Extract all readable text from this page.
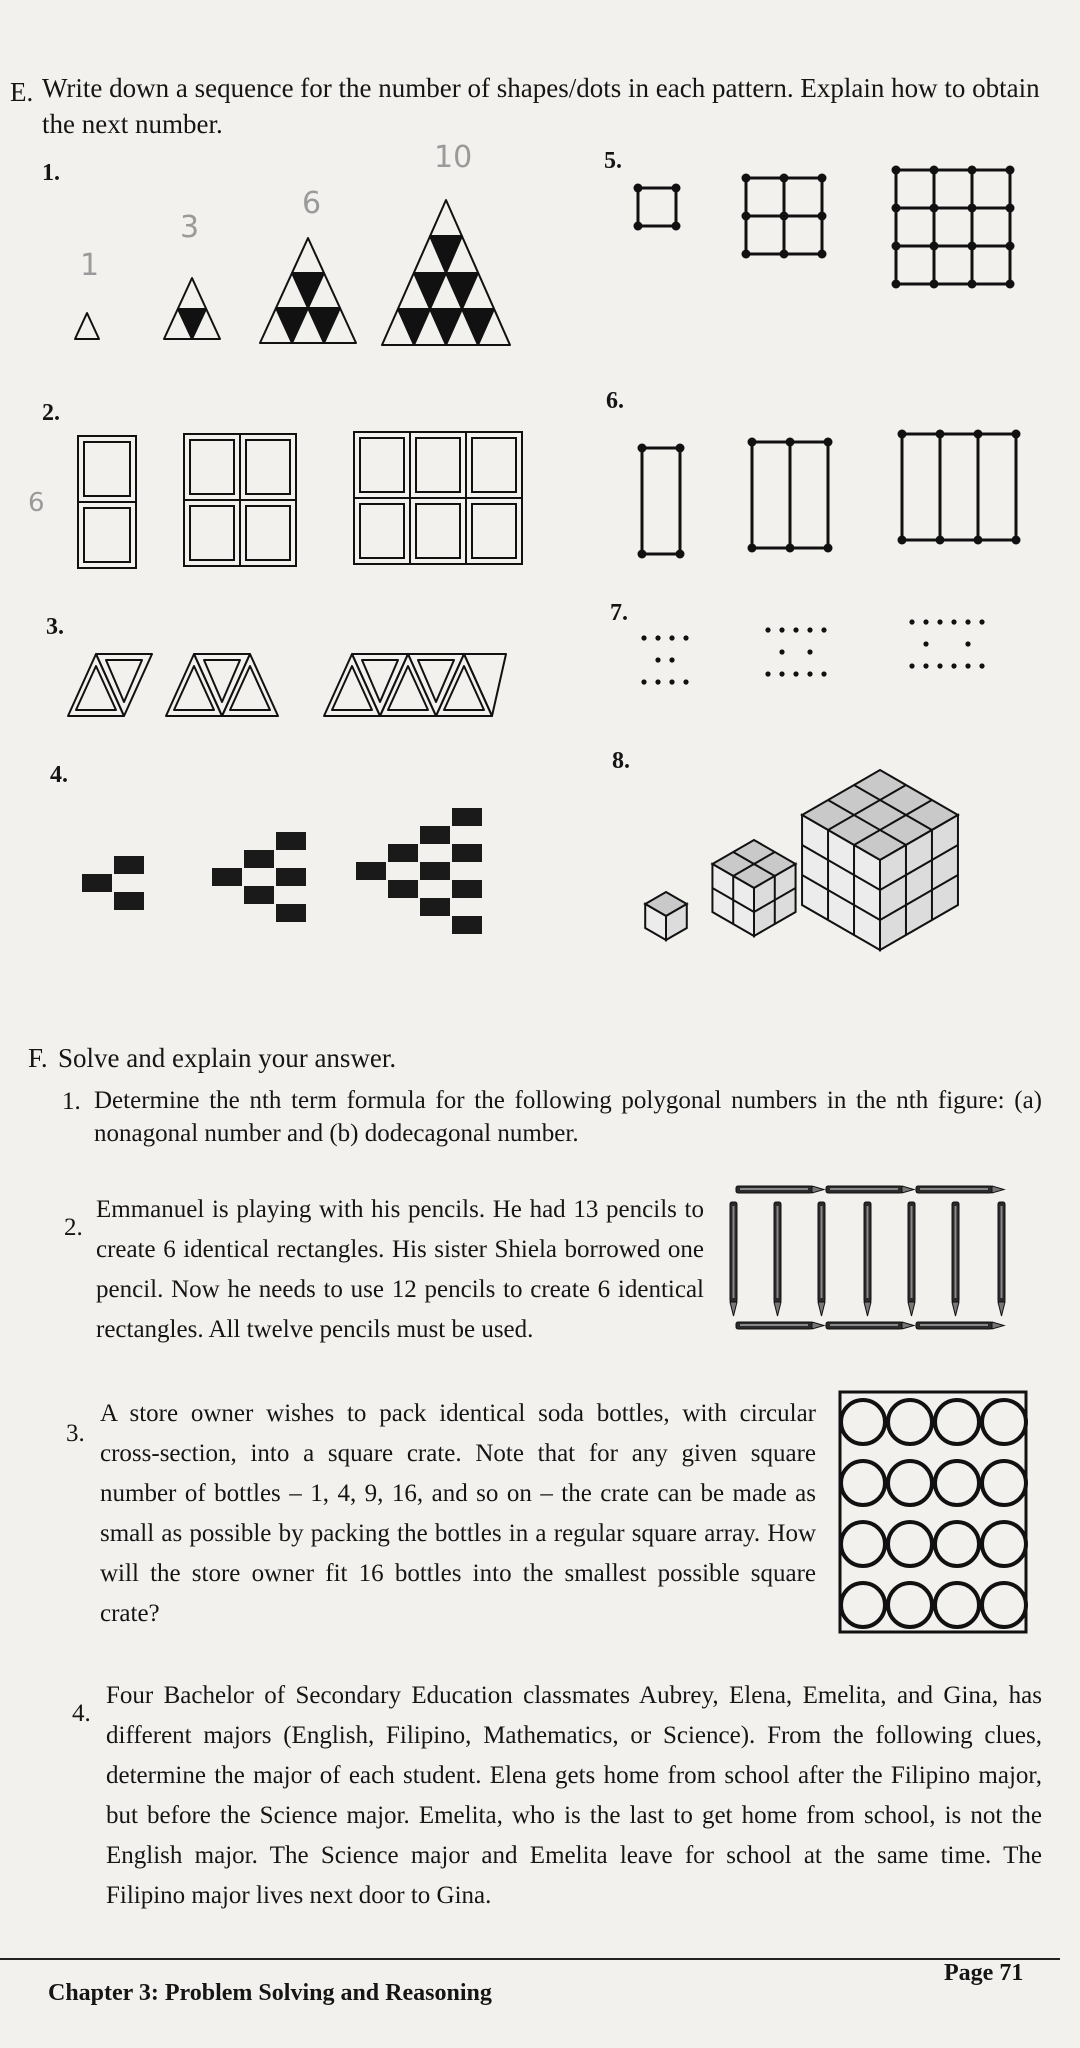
E. Write down a sequence for the number of shapes/dots in each pattern. Explain how to obtain the next number.
1.
2.
3.
4.
5.
6.
7.
8.
1
3
6
10
6
F. Solve and explain your answer.
1. Determine the nth term formula for the following polygonal numbers in the nth figure: (a) nonagonal number and (b) dodecagonal number.
2.
Emmanuel is playing with his pencils. He had 13 pencils to create 6 identical rectangles. His sister Shiela borrowed one pencil. Now he needs to use 12 pencils to create 6 identical rectangles. All twelve pencils must be used.
3.
A store owner wishes to pack identical soda bottles, with circular cross-section, into a square crate. Note that for any given square number of bottles – 1, 4, 9, 16, and so on – the crate can be made as small as possible by packing the bottles in a regular square array. How will the store owner fit 16 bottles into the smallest possible square crate?
4.
Four Bachelor of Secondary Education classmates Aubrey, Elena, Emelita, and Gina, has different majors (English, Filipino, Mathematics, or Science). From the following clues, determine the major of each student. Elena gets home from school after the Filipino major, but before the Science major. Emelita, who is the last to get home from school, is not the English major. The Science major and Emelita leave for school at the same time. The Filipino major lives next door to Gina.
Chapter 3: Problem Solving and Reasoning
Page 71
